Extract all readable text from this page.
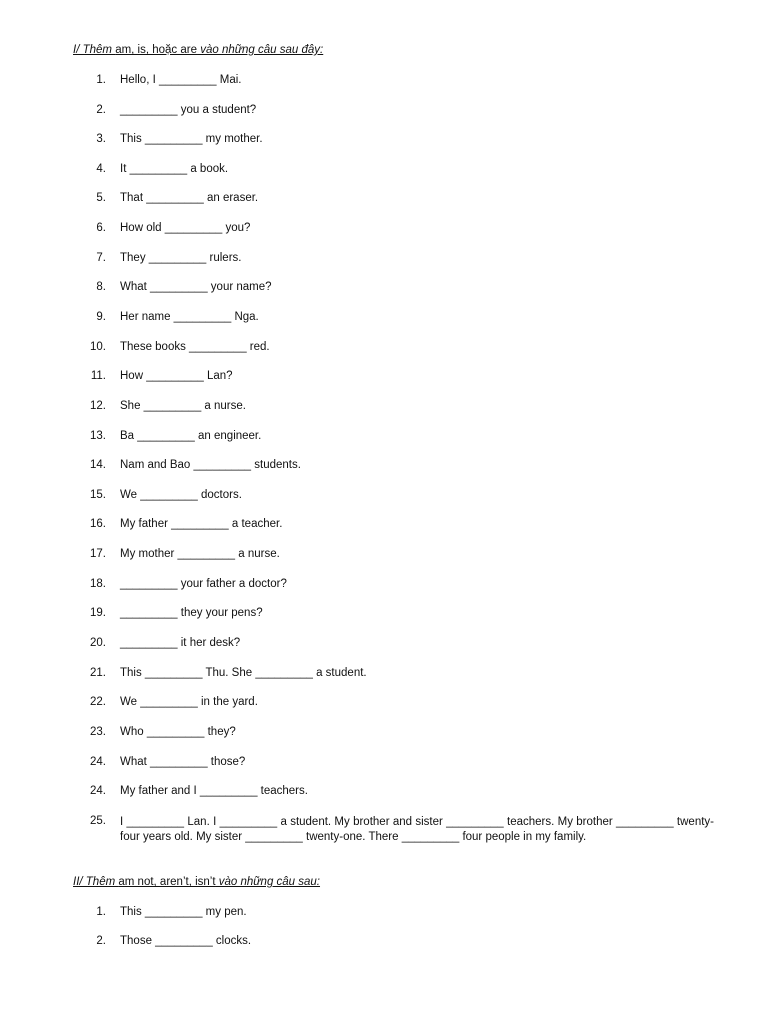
I/ Thêm am, is, hoặc are vào những câu sau đây:
1. Hello, I _________ Mai.
2. _________ you a student?
3. This _________ my mother.
4. It _________ a book.
5. That _________ an eraser.
6. How old _________ you?
7. They _________ rulers.
8. What _________ your name?
9. Her name _________ Nga.
10. These books _________ red.
11. How _________ Lan?
12. She _________ a nurse.
13. Ba _________ an engineer.
14. Nam and Bao _________ students.
15. We _________ doctors.
16. My father _________ a teacher.
17. My mother _________ a nurse.
18. _________ your father a doctor?
19. _________ they your pens?
20. _________ it her desk?
21. This _________ Thu. She _________ a student.
22. We _________ in the yard.
23. Who _________ they?
24. What _________ those?
24. My father and I _________ teachers.
25. I _________ Lan. I _________ a student. My brother and sister _________ teachers. My brother _________ twenty-four years old. My sister _________ twenty-one. There _________ four people in my family.
II/ Thêm am not, aren’t, isn’t vào những câu sau:
1. This _________ my pen.
2. Those _________ clocks.
